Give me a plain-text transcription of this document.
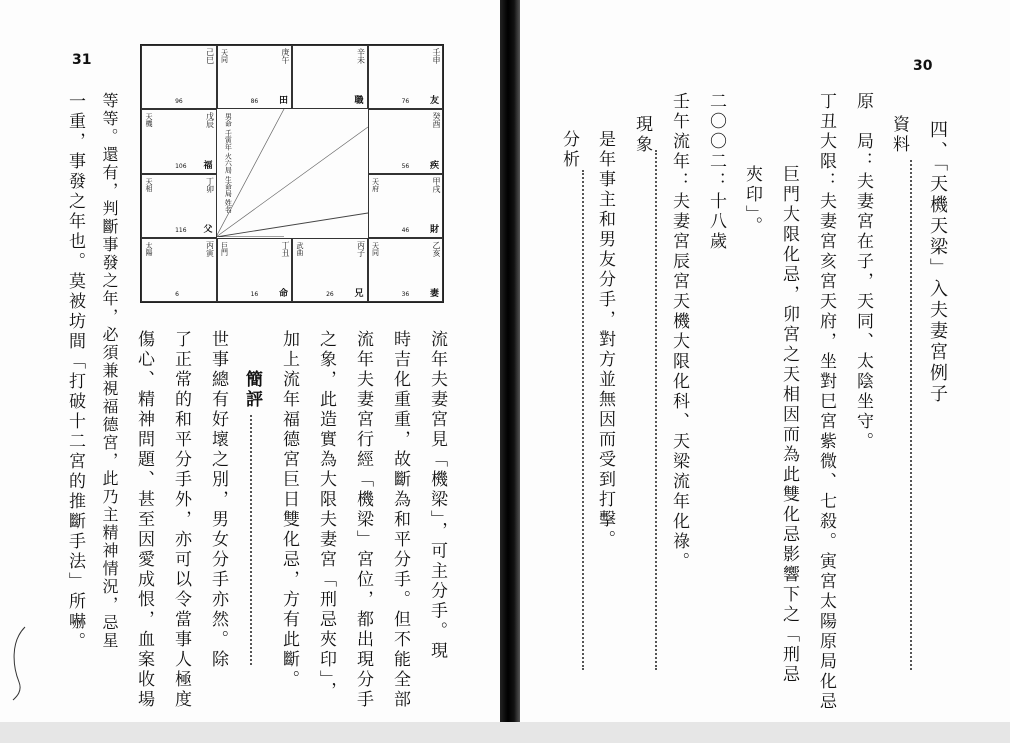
31
男命 壬寅年 火六局 生命局 姓名
己巳
96
庚午
天同
86 田
辛未
職
壬申
76 友
戊辰
天機
106 福
癸酉
56 疾
丁卯
天相
116 父
甲戌
天府
46 財
丙寅
太陽
6
丁丑
巨門
16 命
丙子
武曲
26 兄
乙亥
天同
36 妻
流年夫妻宮見「機梁」，可主分手。現
時吉化重重，故斷為和平分手。但不能全部
流年夫妻宮行經「機梁」宮位，都出現分手
之象，此造實為大限夫妻宮「刑忌夾印」，
加上流年福德宮巨日雙化忌，方有此斷。
簡評
世事總有好壞之別，男女分手亦然。除
了正常的和平分手外，亦可以令當事人極度
傷心、精神問題、甚至因愛成恨，血案收場
等等。還有，判斷事發之年，必須兼視福德宮，此乃主精神情況，忌星
一重，事發之年也。莫被坊間「打破十二宮的推斷手法」所嚇。
30
四、「天機天梁」入夫妻宮例子
資料
原　局：夫妻宮在子，天同、太陰坐守。
丁丑大限：夫妻宮亥宮天府，坐對巳宮紫微、七殺。寅宮太陽原局化忌
夾印」。 巨門大限化忌，卯宮之天相因而為此雙化忌影響下之「刑忌
二〇〇二：十八歲
壬午流年：夫妻宮辰宮天機大限化科、天梁流年化祿。
現象
是年事主和男友分手，對方並無因而受到打擊。
分析
